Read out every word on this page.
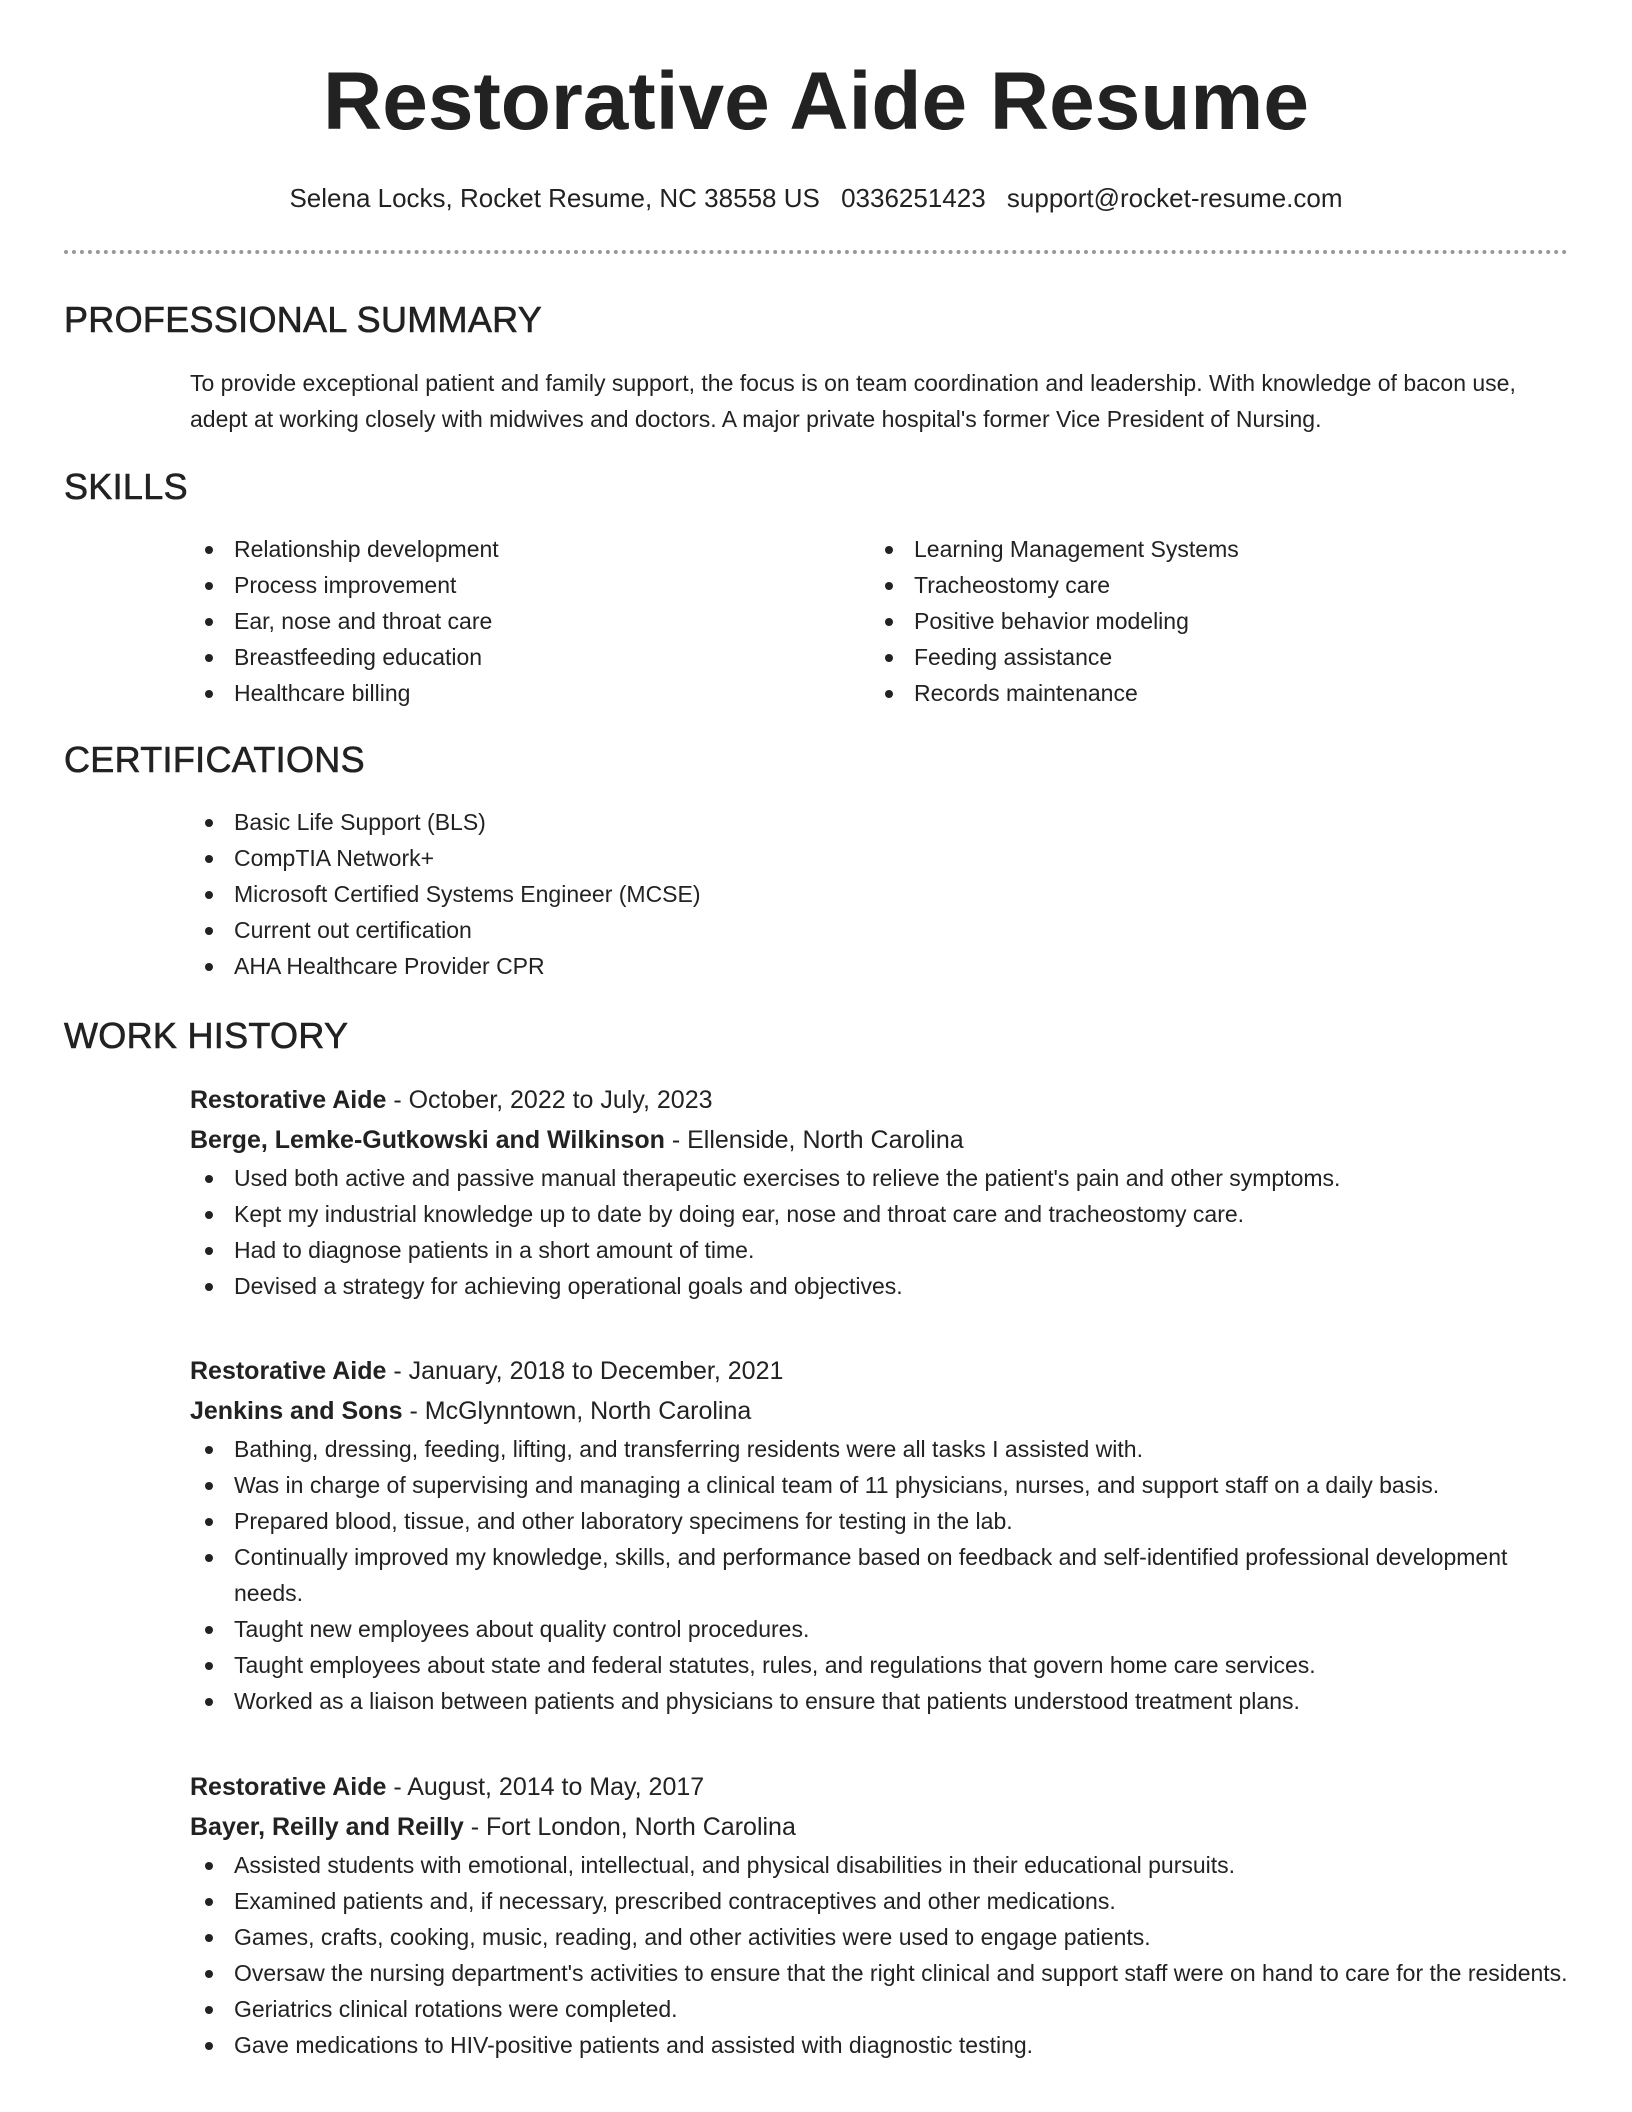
Restorative Aide Resume
Selena Locks, Rocket Resume, NC 38558 US 0336251423 support@rocket-resume.com
PROFESSIONAL SUMMARY
To provide exceptional patient and family support, the focus is on team coordination and leadership. With knowledge of bacon use, adept at working closely with midwives and doctors. A major private hospital's former Vice President of Nursing.
SKILLS
Relationship development
Process improvement
Ear, nose and throat care
Breastfeeding education
Healthcare billing
Learning Management Systems
Tracheostomy care
Positive behavior modeling
Feeding assistance
Records maintenance
CERTIFICATIONS
Basic Life Support (BLS)
CompTIA Network+
Microsoft Certified Systems Engineer (MCSE)
Current out certification
AHA Healthcare Provider CPR
WORK HISTORY
Restorative Aide - October, 2022 to July, 2023
Berge, Lemke-Gutkowski and Wilkinson - Ellenside, North Carolina
Used both active and passive manual therapeutic exercises to relieve the patient's pain and other symptoms.
Kept my industrial knowledge up to date by doing ear, nose and throat care and tracheostomy care.
Had to diagnose patients in a short amount of time.
Devised a strategy for achieving operational goals and objectives.
Restorative Aide - January, 2018 to December, 2021
Jenkins and Sons - McGlynntown, North Carolina
Bathing, dressing, feeding, lifting, and transferring residents were all tasks I assisted with.
Was in charge of supervising and managing a clinical team of 11 physicians, nurses, and support staff on a daily basis.
Prepared blood, tissue, and other laboratory specimens for testing in the lab.
Continually improved my knowledge, skills, and performance based on feedback and self-identified professional development needs.
Taught new employees about quality control procedures.
Taught employees about state and federal statutes, rules, and regulations that govern home care services.
Worked as a liaison between patients and physicians to ensure that patients understood treatment plans.
Restorative Aide - August, 2014 to May, 2017
Bayer, Reilly and Reilly - Fort London, North Carolina
Assisted students with emotional, intellectual, and physical disabilities in their educational pursuits.
Examined patients and, if necessary, prescribed contraceptives and other medications.
Games, crafts, cooking, music, reading, and other activities were used to engage patients.
Oversaw the nursing department's activities to ensure that the right clinical and support staff were on hand to care for the residents.
Geriatrics clinical rotations were completed.
Gave medications to HIV-positive patients and assisted with diagnostic testing.
